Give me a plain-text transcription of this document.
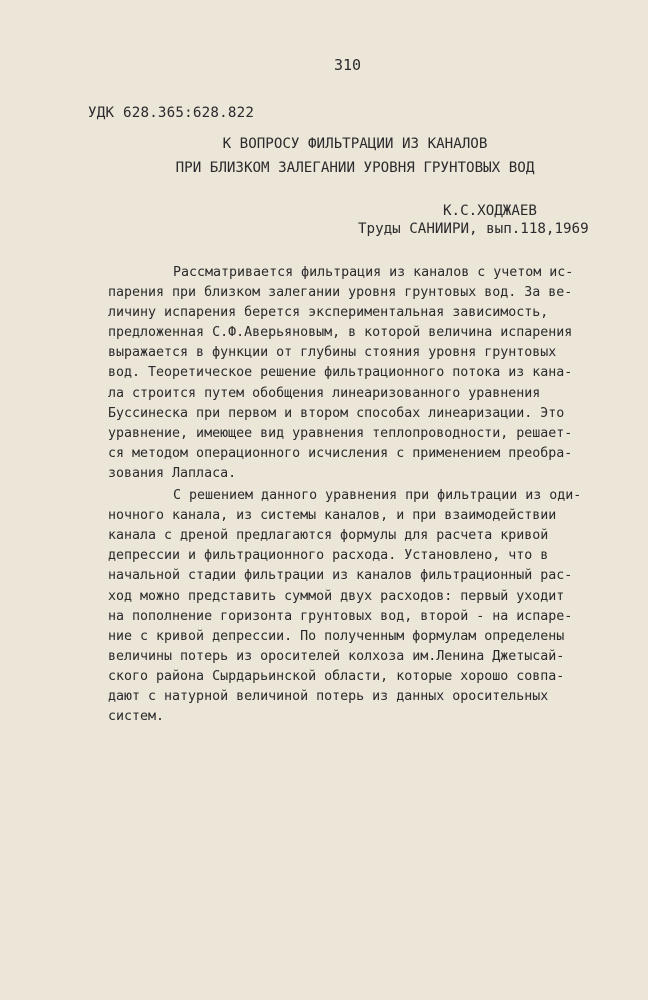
310
УДК 628.365:628.822
К ВОПРОСУ ФИЛЬТРАЦИИ ИЗ КАНАЛОВ
ПРИ БЛИЗКОМ ЗАЛЕГАНИИ УРОВНЯ ГРУНТОВЫХ ВОД
К.С.ХОДЖАЕВ
Труды САНИИРИ, вып.118,1969
Рассматривается фильтрация из каналов с учетом ис-
парения при близком залегании уровня грунтовых вод. За ве-
личину испарения берется экспериментальная зависимость,
предложенная С.Ф.Аверьяновым, в которой величина испарения
выражается в функции от глубины стояния уровня грунтовых
вод. Теоретическое решение фильтрационного потока из кана-
ла строится путем обобщения линеаризованного уравнения
Буссинеска при первом и втором способах линеаризации. Это
уравнение, имеющее вид уравнения теплопроводности, решает-
ся методом операционного исчисления с применением преобра-
зования Лапласа.
С решением данного уравнения при фильтрации из оди-
ночного канала, из системы каналов, и при взаимодействии
канала с дреной предлагаются формулы для расчета кривой
депрессии и фильтрационного расхода. Установлено, что в
начальной стадии фильтрации из каналов фильтрационный рас-
ход можно представить суммой двух расходов: первый уходит
на пополнение горизонта грунтовых вод, второй - на испаре-
ние с кривой депрессии. По полученным формулам определены
величины потерь из оросителей колхоза им.Ленина Джетысай-
ского района Сырдарьинской области, которые хорошо совпа-
дают с натурной величиной потерь из данных оросительных
систем.
